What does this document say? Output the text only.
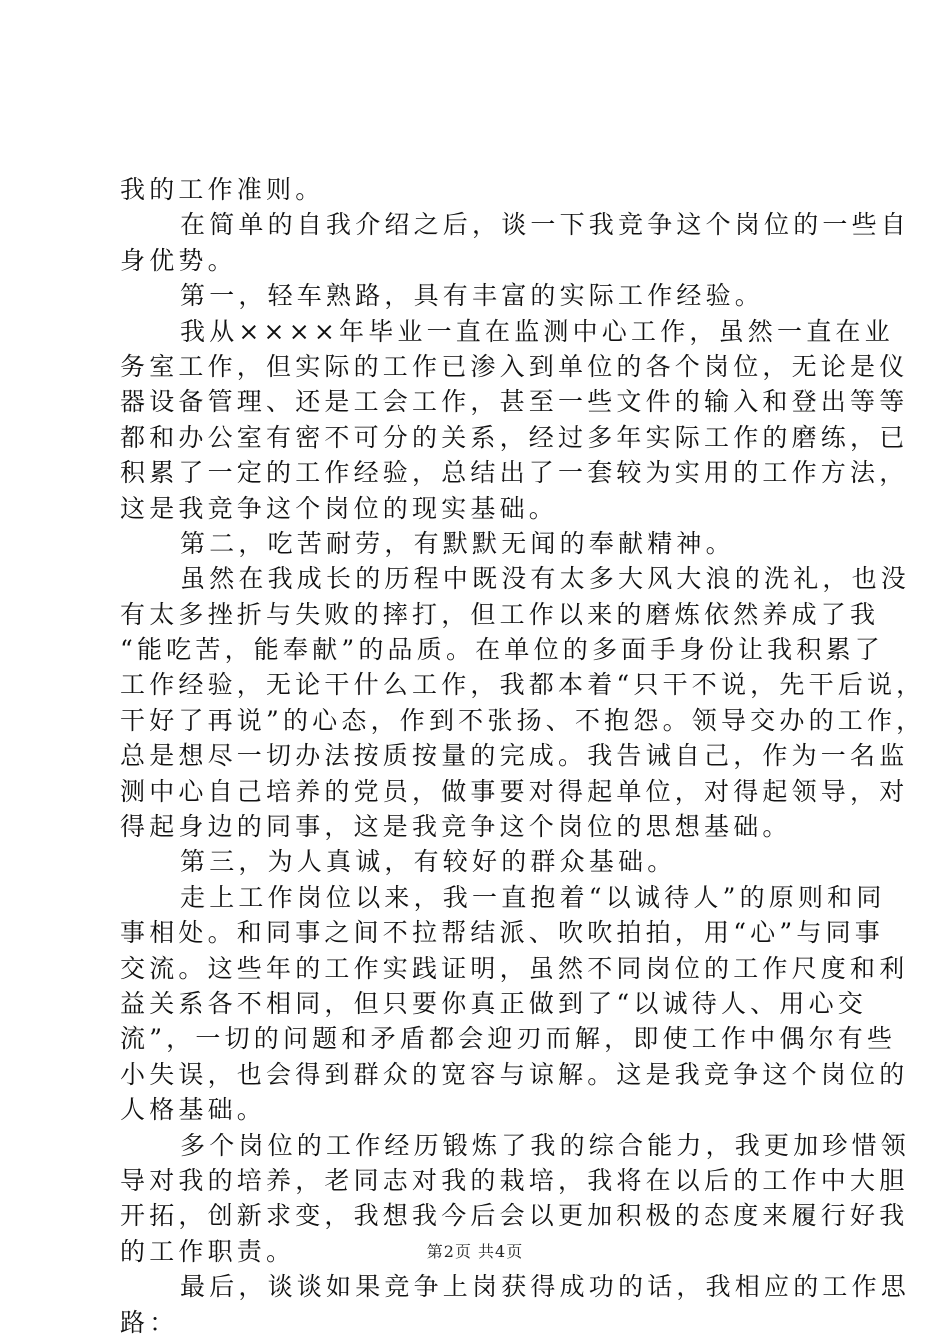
我的工作准则。
在简单的自我介绍之后，谈一下我竞争这个岗位的一些自
身优势。
第一，轻车熟路，具有丰富的实际工作经验。
我从××××年毕业一直在监测中心工作，虽然一直在业
务室工作，但实际的工作已渗入到单位的各个岗位，无论是仪
器设备管理、还是工会工作，甚至一些文件的输入和登出等等
都和办公室有密不可分的关系，经过多年实际工作的磨练，已
积累了一定的工作经验，总结出了一套较为实用的工作方法，
这是我竞争这个岗位的现实基础。
第二，吃苦耐劳，有默默无闻的奉献精神。
虽然在我成长的历程中既没有太多大风大浪的洗礼，也没
有太多挫折与失败的摔打，但工作以来的磨炼依然养成了我
“能吃苦，能奉献”的品质。在单位的多面手身份让我积累了
工作经验，无论干什么工作，我都本着“只干不说，先干后说，
干好了再说”的心态，作到不张扬、不抱怨。领导交办的工作，
总是想尽一切办法按质按量的完成。我告诫自己，作为一名监
测中心自己培养的党员，做事要对得起单位，对得起领导，对
得起身边的同事，这是我竞争这个岗位的思想基础。
第三，为人真诚，有较好的群众基础。
走上工作岗位以来，我一直抱着“以诚待人”的原则和同
事相处。和同事之间不拉帮结派、吹吹拍拍，用“心”与同事
交流。这些年的工作实践证明，虽然不同岗位的工作尺度和利
益关系各不相同，但只要你真正做到了“以诚待人、用心交
流”，一切的问题和矛盾都会迎刃而解，即使工作中偶尔有些
小失误，也会得到群众的宽容与谅解。这是我竞争这个岗位的
人格基础。
多个岗位的工作经历锻炼了我的综合能力，我更加珍惜领
导对我的培养，老同志对我的栽培，我将在以后的工作中大胆
开拓，创新求变，我想我今后会以更加积极的态度来履行好我
的工作职责。
最后，谈谈如果竞争上岗获得成功的话，我相应的工作思
路：
第2页 共4页
